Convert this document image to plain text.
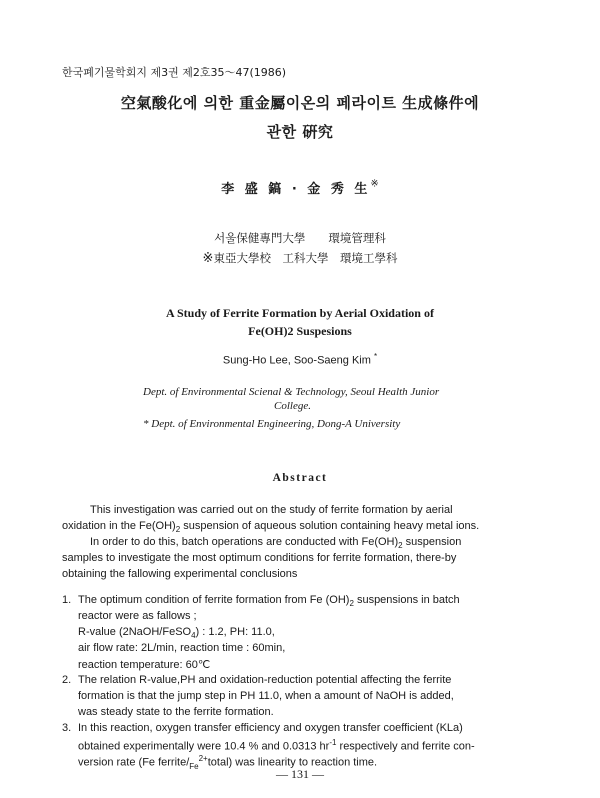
한국폐기물학회지 제3권 제2호35～47(1986)
空氣酸化에 의한 重金屬이온의 페라이트 生成條件에
관한 硏究
李 盛 鎬 · 金 秀 生※
서울保健專門大學　　環境管理科
※東亞大學校　工科大學　環境工學科
A Study of Ferrite Formation by Aerial Oxidation of
Fe(OH)2 Suspesions
Sung-Ho Lee, Soo-Saeng Kim *
Dept. of Environmental Scienal & Technology, Seoul Health Junior
College.
* Dept. of Environmental Engineering, Dong-A University
Abstract
This investigation was carried out on the study of ferrite formation by aerial
oxidation in the $Fe(OH)_2$ suspension of aqueous solution containing heavy metal ions.
In order to do this, batch operations are conducted with $Fe(OH)_2$ suspension
samples to investigate the most optimum conditions for ferrite formation, there-by
obtaining the fallowing experimental conclusions
1. The optimum condition of ferrite formation from Fe $(OH)_2$ suspensions in batch
reactor were as fallows ;
R-value (2NaOH/FeSO$_4$) : 1.2, PH: 11.0,
air flow rate: 2L/min, reaction time : 60min,
reaction temperature: 60℃
2. The relation R-value,PH and oxidation-reduction potential affecting the ferrite
formation is that the jump step in PH 11.0, when a amount of NaOH is added,
was steady state to the ferrite formation.
3. In this reaction, oxygen transfer efficiency and oxygen transfer coefficient (KLa)
obtained experimentally were 10.4 % and 0.0313 $hr^{-1}$ respectively and ferrite con-
version rate (Fe ferrite/$_{Fe}^{2+}total$) was linearity to reaction time.
— 131 —
